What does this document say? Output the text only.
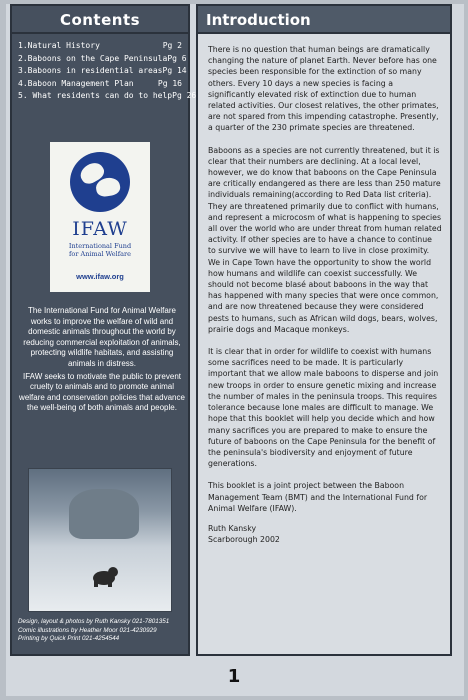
Contents
1.Natural History	Pg 2
2.Baboons on the Cape Peninsula Pg 6
3.Baboons in residential areas Pg 14
4.Baboon Management Plan	Pg 16
5. What residents can do to help Pg 26
IFAW
International Fund
for Animal Welfare
www.ifaw.org

The International Fund for Animal Welfare works to improve the welfare of wild and domestic animals throughout the world by reducing commercial exploitation of animals, protecting wildlife habitats, and assisting animals in distress.

IFAW seeks to motivate the public to prevent cruelty to animals and to promote animal welfare and conservation policies that advance the well-being of both animals and people.

Design, layout & photos by Ruth Kansky 021-7801351
Comic illustrations by Heather Moor 021-4230929
Printing by Quick Print 021-4254544
Introduction

There is no question that human beings are dramatically changing the nature of planet Earth. Never before has one species been responsible for the extinction of so many others. Every 10 days a new species is facing a significantly elevated risk of extinction due to human related activities. Our closest relatives, the other primates, are not spared from this impending catastrophe. Presently, a quarter of the 230 primate species are threatened.

Baboons as a species are not currently threatened, but it is clear that their numbers are declining. At a local level, however, we do know that baboons on the Cape Peninsula are critically endangered as there are less than 250 mature individuals remaining(according to Red Data list criteria). They are threatened primarily due to conflict with humans, and represent a microcosm of what is happening to species all over the world who are under threat from human related activity. If other species are to have a chance to continue to survive we will have to learn to live in close proximity. We in Cape Town have the opportunity to show the world how humans and wildlife can coexist successfully. We should not become blasé about baboons in the way that has happened with many species that were once common, and are now threatened because they were considered pests to humans, such as African wild dogs, bears, wolves, prairie dogs and Macaque monkeys.

It is clear that in order for wildlife to coexist with humans some sacrifices need to be made. It is particularly important that we allow male baboons to disperse and join new troops in order to ensure genetic mixing and increase the number of males in the peninsula troops. This requires tolerance because lone males are difficult to manage. We hope that this booklet will help you decide which and how many sacrifices you are prepared to make to ensure the future of baboons on the Cape Peninsula for the benefit of the peninsula's biodiversity and enjoyment of future generations.

This booklet is a joint project between the Baboon Management Team (BMT) and the International Fund for Animal Welfare (IFAW).

Ruth Kansky
Scarborough 2002
1
